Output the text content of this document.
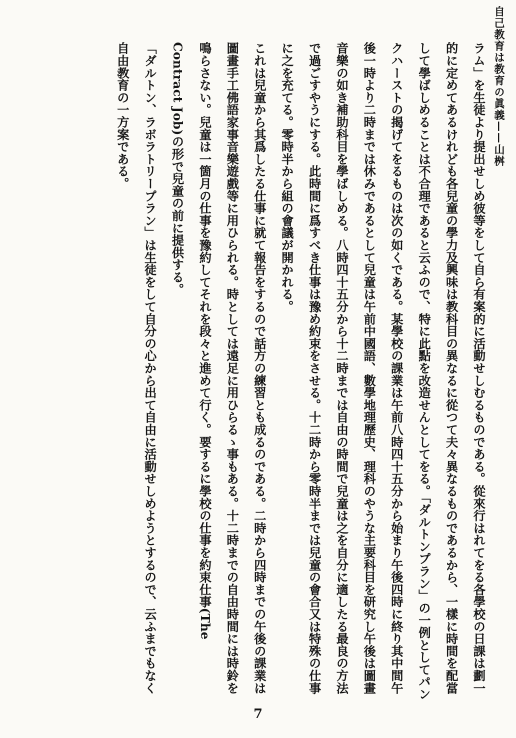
自己教育は教育の眞義——山桝

ラム」を生徒より提出せしめ彼等をして自ら有案的に活動せしむるものである。從來行はれてをる各學校の日課は劃一的に定めてあるけれども各兒童の學力及興味は教科目の異なるに從つて夫々異なるものであるから、一樣に時間を配當して學ばしめることは不合理であると云ふので、特に此點を改造せんとしてをる。「ダルトンプラン」の一例としてパンクハーストの揭げてをるものは次の如くである。某學校の課業は午前八時四十五分から始まり午後四時に終り其中間午後一時より二時までは休みであるとして兒童は午前中國語、數學地理歷史、理科のやうな主要科目を研究し午後は圖畫音樂の如き補助科目を學ばしめる。八時四十五分から十二時までは自由の時間で兒童は之を自分に適したる最良の方法で過ごすやうにする。此時間に爲すべき仕事は豫め約束をさせる。十二時から零時半までは兒童の會合又は特殊の仕事に之を充てる。零時半から組の會議が開かれる。

これは兒童から其爲したる仕事に就て報告をするので話方の練習とも成るのである。二時から四時までの午後の課業は圖畫手工佛語家事音樂遊戲等に用ひられる。時としては遠足に用ひらるゝ事もある。十二時までの自由時間には時鈴を鳴らさない。兒童は一箇月の仕事を豫約してそれを段々と進めて行く。要するに學校の仕事を約束仕事(The Contract Job)の形で兒童の前に提供する。

「ダルトン、ラボラトリープラン」は生徒をして自分の心から出て自由に活動せしめようとするので、云ふまでもなく自由教育の一方案である。

7
